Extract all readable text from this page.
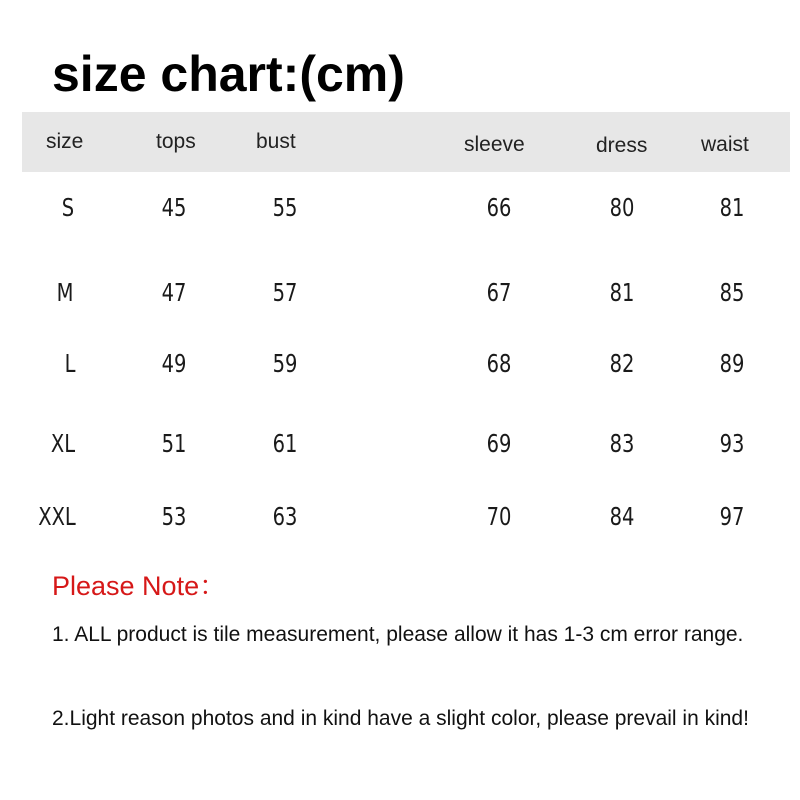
size chart:(cm)
size	tops	bust	sleeve	dress	waist
S	45	55	66	80	81
M	47	57	67	81	85
L	49	59	68	82	89
XL	51	61	69	83	93
XXL	53	63	70	84	97
Please Note：
1. ALL product is tile measurement, please allow it has 1-3 cm error range.
2.Light reason photos and in kind have a slight color, please prevail in kind!
